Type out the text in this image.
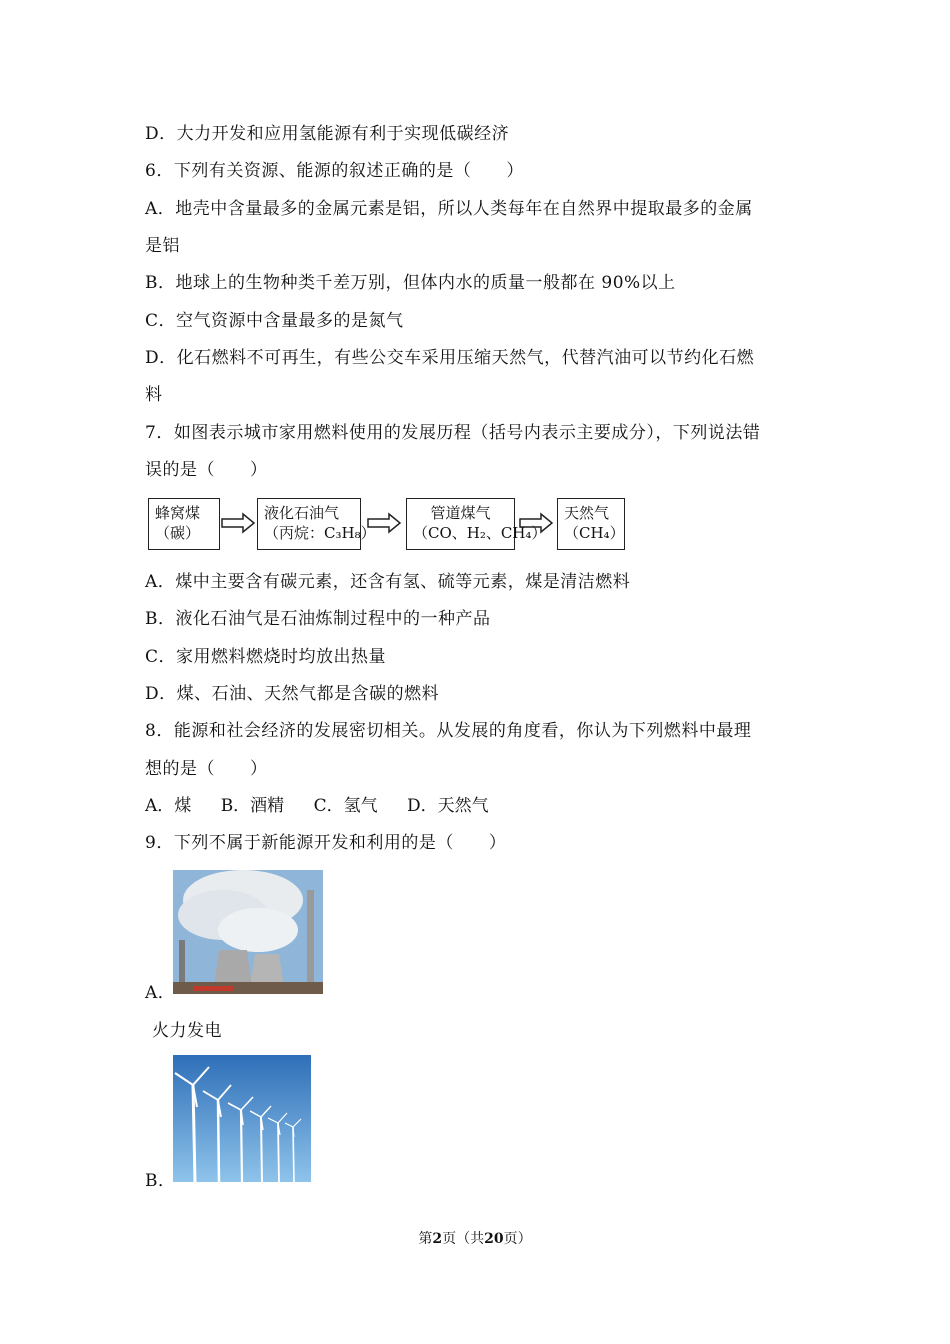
D．大力开发和应用氢能源有利于实现低碳经济
6．下列有关资源、能源的叙述正确的是（　　）
A．地壳中含量最多的金属元素是铝，所以人类每年在自然界中提取最多的金属
是铝
B．地球上的生物种类千差万别，但体内水的质量一般都在 90%以上
C．空气资源中含量最多的是氮气
D．化石燃料不可再生，有些公交车采用压缩天然气，代替汽油可以节约化石燃
料
7．如图表示城市家用燃料使用的发展历程（括号内表示主要成分），下列说法错
误的是（　　）
蜂窝煤
（碳）
液化石油气
（丙烷：C₃H₈）
管道煤气
（CO、H₂、CH₄）
天然气
（CH₄）
A．煤中主要含有碳元素，还含有氢、硫等元素，煤是清洁燃料
B．液化石油气是石油炼制过程中的一种产品
C．家用燃料燃烧时均放出热量
D．煤、石油、天然气都是含碳的燃料
8．能源和社会经济的发展密切相关。从发展的角度看，你认为下列燃料中最理
想的是（　　）
A．煤 B．酒精 C．氢气 D．天然气
9．下列不属于新能源开发和利用的是（　　）
A．
火力发电
B．
第2页（共20页）
